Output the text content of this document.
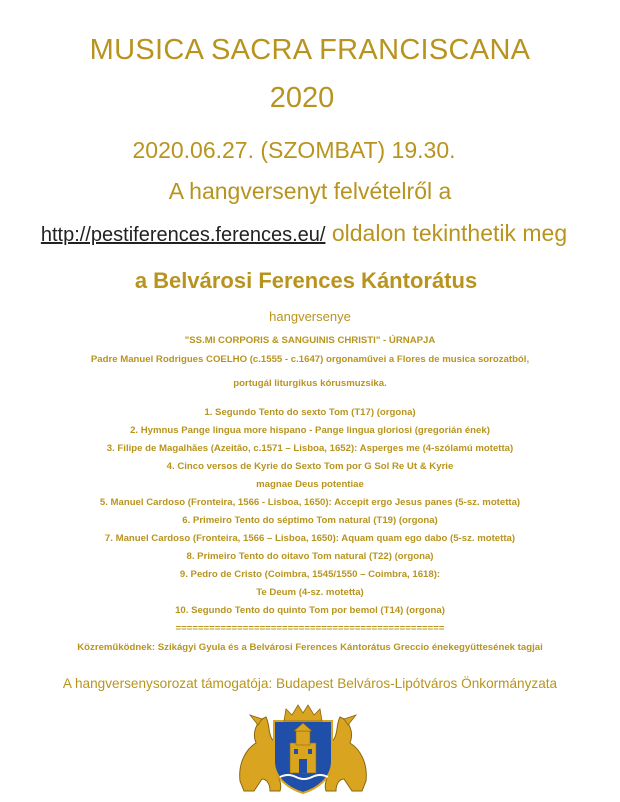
MUSICA SACRA FRANCISCANA
2020
2020.06.27. (SZOMBAT) 19.30.
A hangversenyt felvételről a
http://pestiferences.ferences.eu/ oldalon tekinthetik meg
a Belvárosi Ferences Kántorátus
hangversenye
"SS.MI CORPORIS & SANGUINIS CHRISTI" - ÚRNAPJA
Padre Manuel Rodrigues COELHO (c.1555 - c.1647) orgonaművei a Flores de musica sorozatból,
portugál liturgikus kórusmuzsika.
1. Segundo Tento do sexto Tom (T17) (orgona)
2. Hymnus Pange lingua more hispano - Pange lingua gloriosi (gregorián ének)
3. Filipe de Magalhães (Azeitão, c.1571 – Lisboa, 1652): Asperges me (4-szólamú motetta)
4. Cinco versos de Kyrie do Sexto Tom por G Sol Re Ut & Kyrie
magnae Deus potentiae
5. Manuel Cardoso (Fronteira, 1566 - Lisboa, 1650): Accepit ergo Jesus panes (5-sz. motetta)
6. Primeiro Tento do séptimo Tom natural (T19) (orgona)
7. Manuel Cardoso (Fronteira, 1566 – Lisboa, 1650): Aquam quam ego dabo (5-sz. motetta)
8. Primeiro Tento do oitavo Tom natural (T22) (orgona)
9. Pedro de Cristo (Coimbra, 1545/1550 – Coimbra, 1618):
Te Deum (4-sz. motetta)
10. Segundo Tento do quinto Tom por bemol (T14) (orgona)
================================================
Közreműködnek: Szikágyi Gyula és a Belvárosi Ferences Kántorátus Greccio énekegyüttesének tagjai
A hangversenysorozat támogatója: Budapest Belváros-Lipótváros Önkormányzata
